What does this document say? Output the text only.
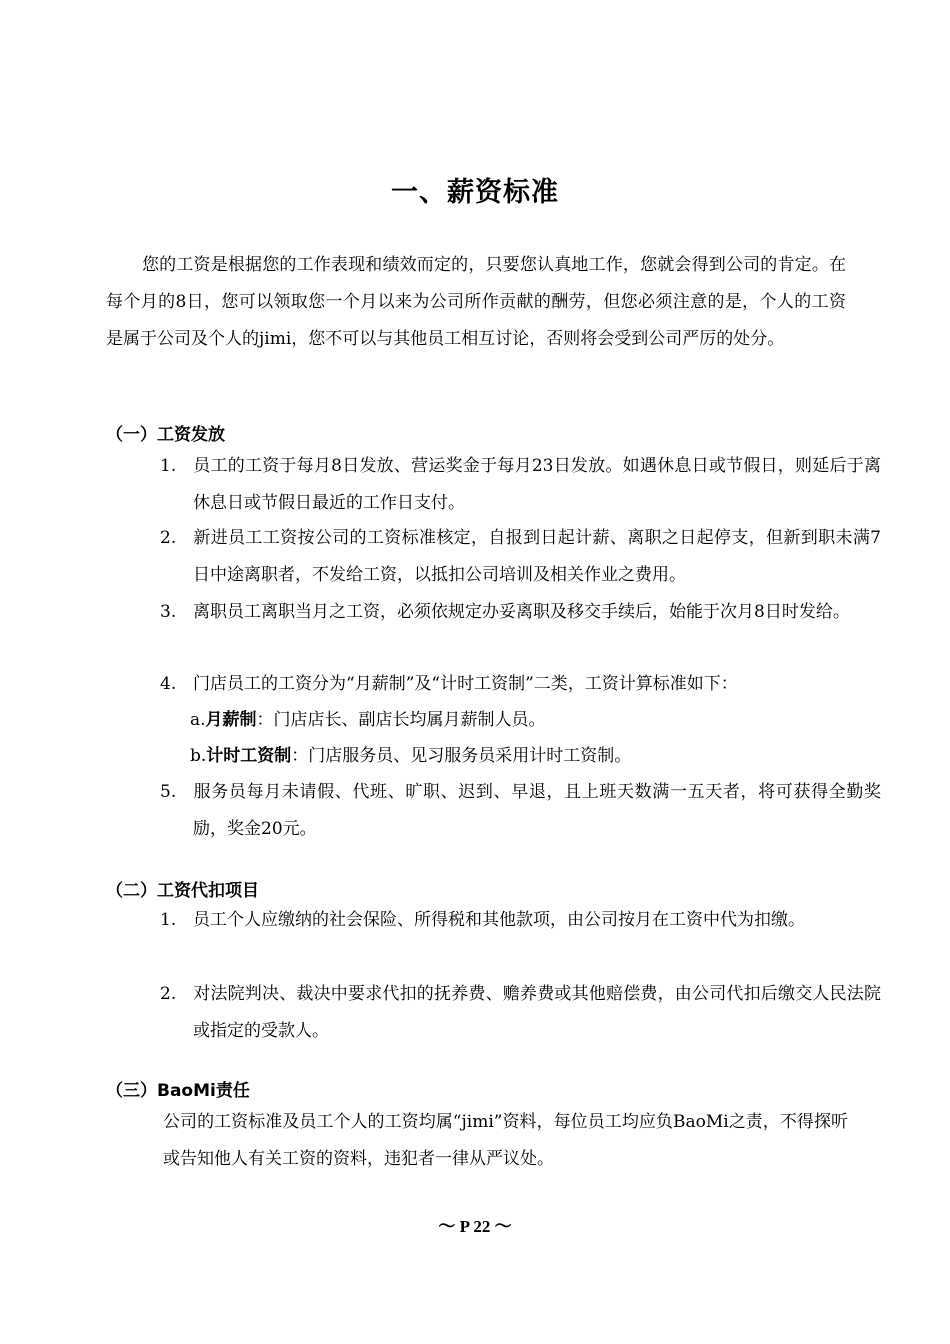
一、薪资标准

您的工资是根据您的工作表现和绩效而定的，只要您认真地工作，您就会得到公司的肯定。在每个月的8日，您可以领取您一个月以来为公司所作贡献的酬劳，但您必须注意的是，个人的工资是属于公司及个人的jimi，您不可以与其他员工相互讨论，否则将会受到公司严厉的处分。

（一）工资发放

1. 员工的工资于每月8日发放、营运奖金于每月23日发放。如遇休息日或节假日，则延后于离休息日或节假日最近的工作日支付。

2. 新进员工工资按公司的工资标准核定，自报到日起计薪、离职之日起停支，但新到职未满7日中途离职者，不发给工资，以抵扣公司培训及相关作业之费用。

3. 离职员工离职当月之工资，必须依规定办妥离职及移交手续后，始能于次月8日时发给。

4. 门店员工的工资分为“月薪制”及“计时工资制”二类，工资计算标准如下：

a.月薪制：门店店长、副店长均属月薪制人员。

b.计时工资制：门店服务员、见习服务员采用计时工资制。

5. 服务员每月未请假、代班、旷职、迟到、早退，且上班天数满一五天者，将可获得全勤奖励，奖金20元。

（二）工资代扣项目

1. 员工个人应缴纳的社会保险、所得税和其他款项，由公司按月在工资中代为扣缴。

2. 对法院判决、裁决中要求代扣的抚养费、赡养费或其他赔偿费，由公司代扣后缴交人民法院或指定的受款人。

（三）BaoMi责任

公司的工资标准及员工个人的工资均属“jimi”资料，每位员工均应负BaoMi之责，不得探听或告知他人有关工资的资料，违犯者一律从严议处。

～ P 22 ～
